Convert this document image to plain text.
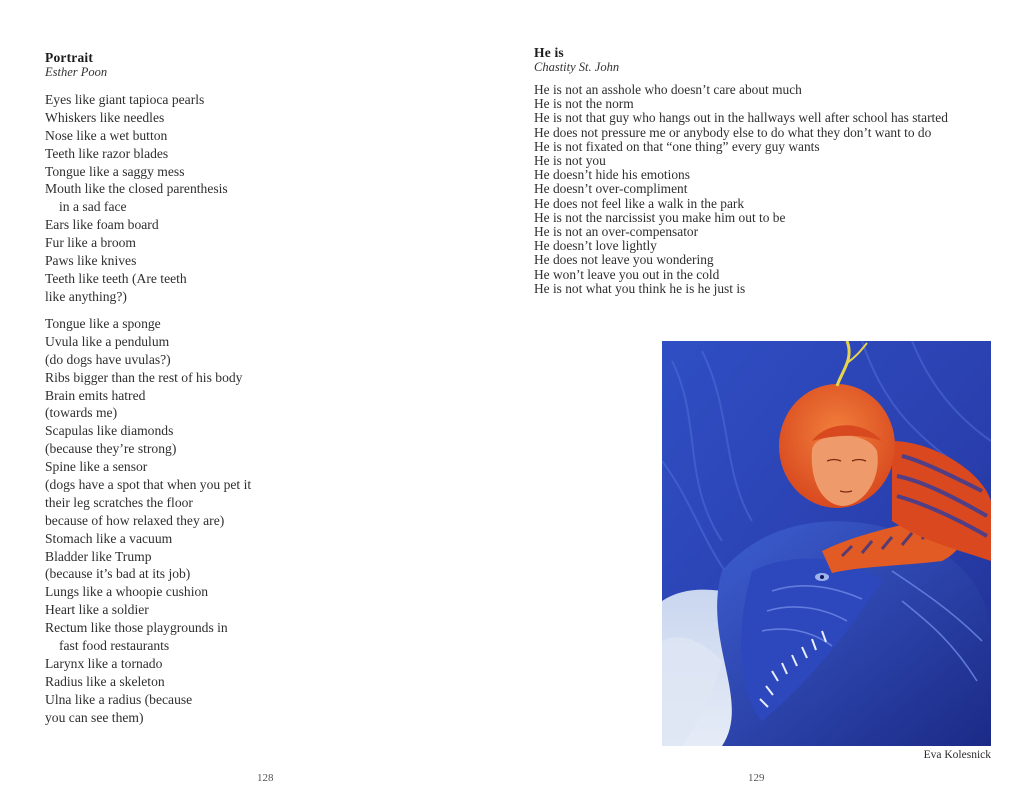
Portrait
Esther Poon
Eyes like giant tapioca pearls
Whiskers like needles
Nose like a wet button
Teeth like razor blades
Tongue like a saggy mess
Mouth like the closed parenthesis
in a sad face
Ears like foam board
Fur like a broom
Paws like knives
Teeth like teeth (Are teeth
like anything?)
Tongue like a sponge
Uvula like a pendulum
(do dogs have uvulas?)
Ribs bigger than the rest of his body
Brain emits hatred
(towards me)
Scapulas like diamonds
(because they’re strong)
Spine like a sensor
(dogs have a spot that when you pet it
their leg scratches the floor
because of how relaxed they are)
Stomach like a vacuum
Bladder like Trump
(because it’s bad at its job)
Lungs like a whoopie cushion
Heart like a soldier
Rectum like those playgrounds in
fast food restaurants
Larynx like a tornado
Radius like a skeleton
Ulna like a radius (because
you can see them)
128
He is
Chastity St. John
He is not an asshole who doesn’t care about much
He is not the norm
He is not that guy who hangs out in the hallways well after school has started
He does not pressure me or anybody else to do what they don’t want to do
He is not fixated on that “one thing” every guy wants
He is not you
He doesn’t hide his emotions
He doesn’t over-compliment
He does not feel like a walk in the park
He is not the narcissist you make him out to be
He is not an over-compensator
He doesn’t love lightly
He does not leave you wondering
He won’t leave you out in the cold
He is not what you think he is he just is
Eva Kolesnick
129
